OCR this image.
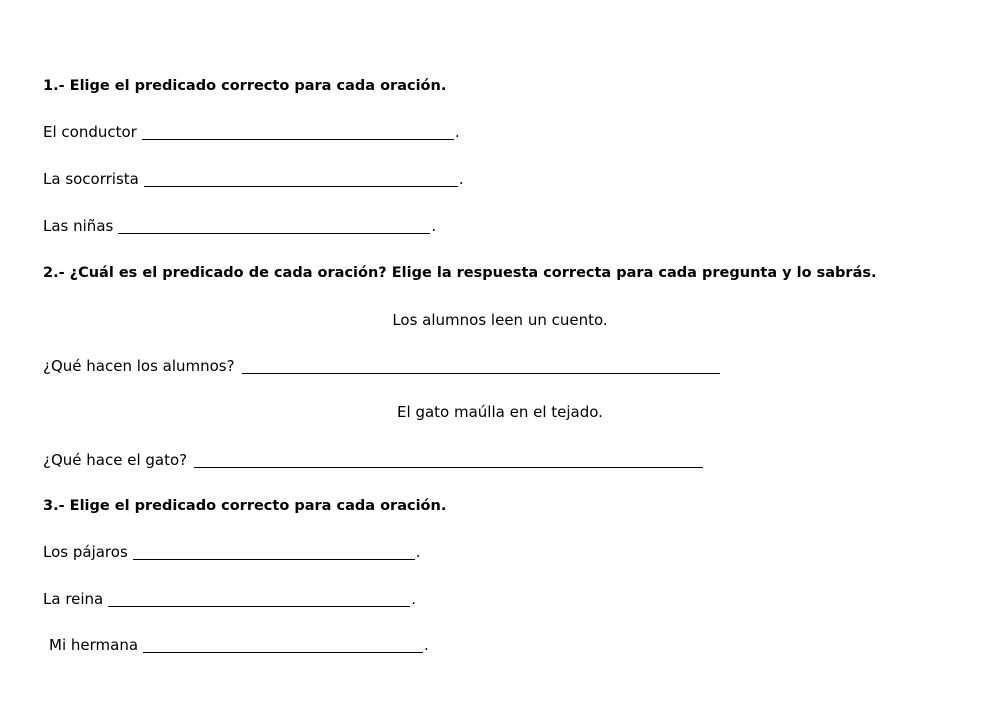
1.- Elige el predicado correcto para cada oración.
El conductor	.
La socorrista	.
Las niñas	.
2.- ¿Cuál es el predicado de cada oración? Elige la respuesta correcta para cada pregunta y lo sabrás.
Los alumnos leen un cuento.
¿Qué hacen los alumnos?
El gato maúlla en el tejado.
¿Qué hace el gato?
3.- Elige el predicado correcto para cada oración.
Los pájaros	.
La reina	.
Mi hermana	.
